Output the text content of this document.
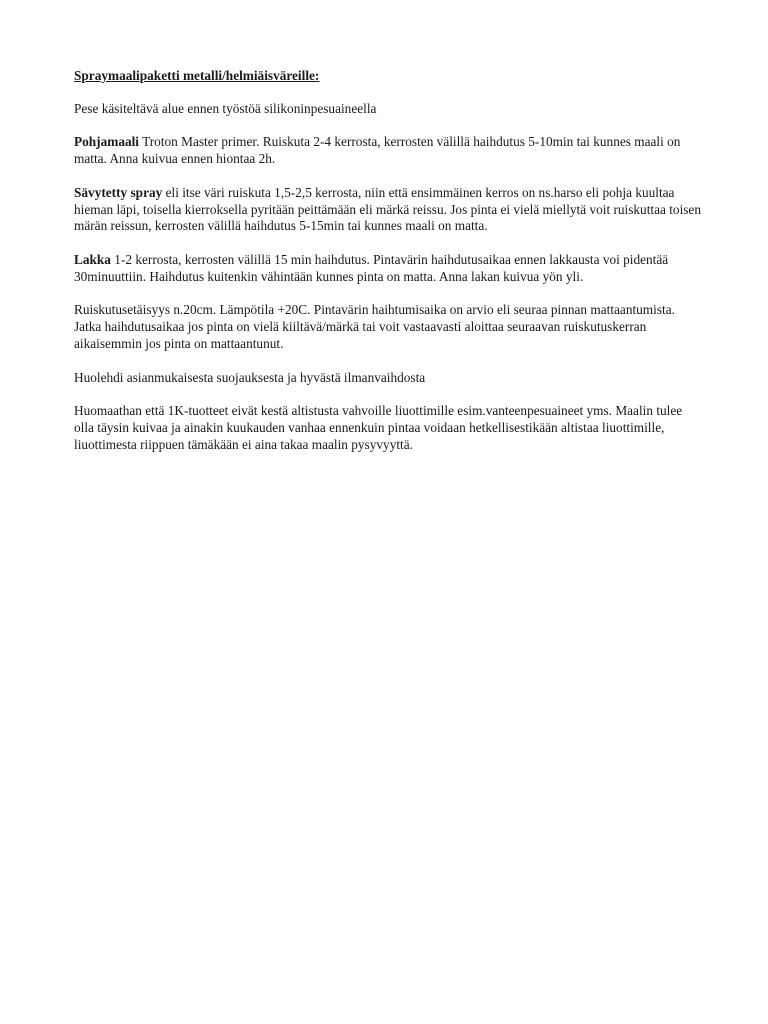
Spraymaalipaketti metalli/helmiäisväreille:
Pese käsiteltävä alue ennen työstöä silikoninpesuaineella
Pohjamaali Troton Master primer. Ruiskuta 2-4 kerrosta, kerrosten välillä haihdutus 5-10min tai kunnes maali on matta. Anna kuivua ennen hiontaa 2h.
Sävytetty spray eli itse väri ruiskuta 1,5-2,5 kerrosta, niin että ensimmäinen kerros on ns.harso eli pohja kuultaa hieman läpi, toisella kierroksella pyritään peittämään eli märkä reissu. Jos pinta ei vielä miellytä voit ruiskuttaa toisen märän reissun, kerrosten välillä haihdutus 5-15min tai kunnes maali on matta.
Lakka 1-2 kerrosta, kerrosten välillä 15 min haihdutus. Pintavärin haihdutusaikaa ennen lakkausta voi pidentää 30minuuttiin. Haihdutus kuitenkin vähintään kunnes pinta on matta. Anna lakan kuivua yön yli.
Ruiskutusetäisyys n.20cm. Lämpötila +20C. Pintavärin haihtumisaika on arvio eli seuraa pinnan mattaantumista. Jatka haihdutusaikaa jos pinta on vielä kiiltävä/märkä tai voit vastaavasti aloittaa seuraavan ruiskutuskerran aikaisemmin jos pinta on mattaantunut.
Huolehdi asianmukaisesta suojauksesta ja hyvästä ilmanvaihdosta
Huomaathan että 1K-tuotteet eivät kestä altistusta vahvoille liuottimille esim.vanteenpesuaineet yms. Maalin tulee olla täysin kuivaa ja ainakin kuukauden vanhaa ennenkuin pintaa voidaan hetkellisestikään altistaa liuottimille, liuottimesta riippuen tämäkään ei aina takaa maalin pysyvyyttä.
